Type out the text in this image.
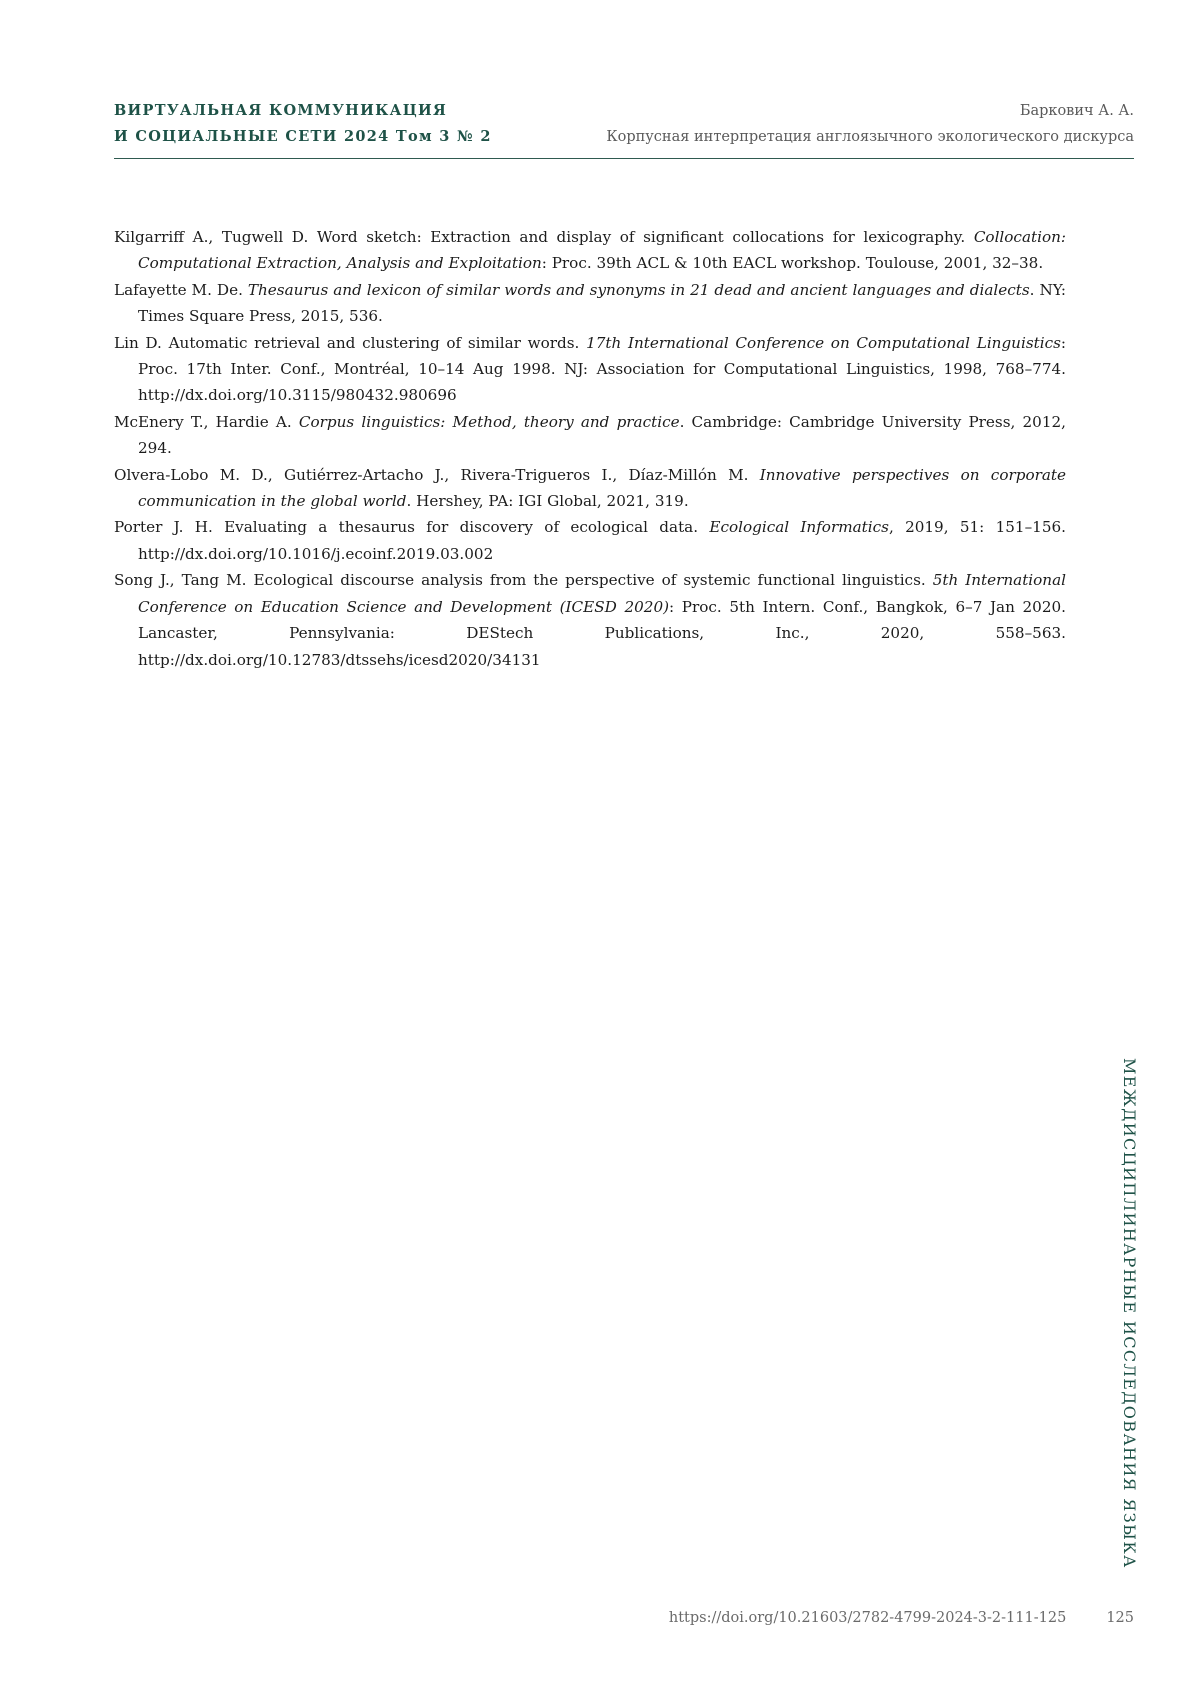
ВИРТУАЛЬНАЯ КОММУНИКАЦИЯ
И СОЦИАЛЬНЫЕ СЕТИ 2024 Том 3 № 2
Баркович А. А.
Корпусная интерпретация англоязычного экологического дискурса

Kilgarriff A., Tugwell D. Word sketch: Extraction and display of significant collocations for lexicography. Collocation: Computational Extraction, Analysis and Exploitation: Proc. 39th ACL & 10th EACL workshop. Toulouse, 2001, 32–38.

Lafayette M. De. Thesaurus and lexicon of similar words and synonyms in 21 dead and ancient languages and dialects. NY: Times Square Press, 2015, 536.

Lin D. Automatic retrieval and clustering of similar words. 17th International Conference on Computational Linguistics: Proc. 17th Inter. Conf., Montréal, 10–14 Aug 1998. NJ: Association for Computational Linguistics, 1998, 768–774. http://dx.doi.org/10.3115/980432.980696

McEnery T., Hardie A. Corpus linguistics: Method, theory and practice. Cambridge: Cambridge University Press, 2012, 294.

Olvera-Lobo M. D., Gutiérrez-Artacho J., Rivera-Trigueros I., Díaz-Millón M. Innovative perspectives on corporate communication in the global world. Hershey, PA: IGI Global, 2021, 319.

Porter J. H. Evaluating a thesaurus for discovery of ecological data. Ecological Informatics, 2019, 51: 151–156. http://dx.doi.org/10.1016/j.ecoinf.2019.03.002

Song J., Tang M. Ecological discourse analysis from the perspective of systemic functional linguistics. 5th International Conference on Education Science and Development (ICESD 2020): Proc. 5th Intern. Conf., Bangkok, 6–7 Jan 2020. Lancaster, Pennsylvania: DEStech Publications, Inc., 2020, 558–563. http://dx.doi.org/10.12783/dtssehs/icesd2020/34131

МЕЖДИСЦИПЛИНАРНЫЕ ИССЛЕДОВАНИЯ ЯЗЫКА
https://doi.org/10.21603/2782-4799-2024-3-2-111-125	125
